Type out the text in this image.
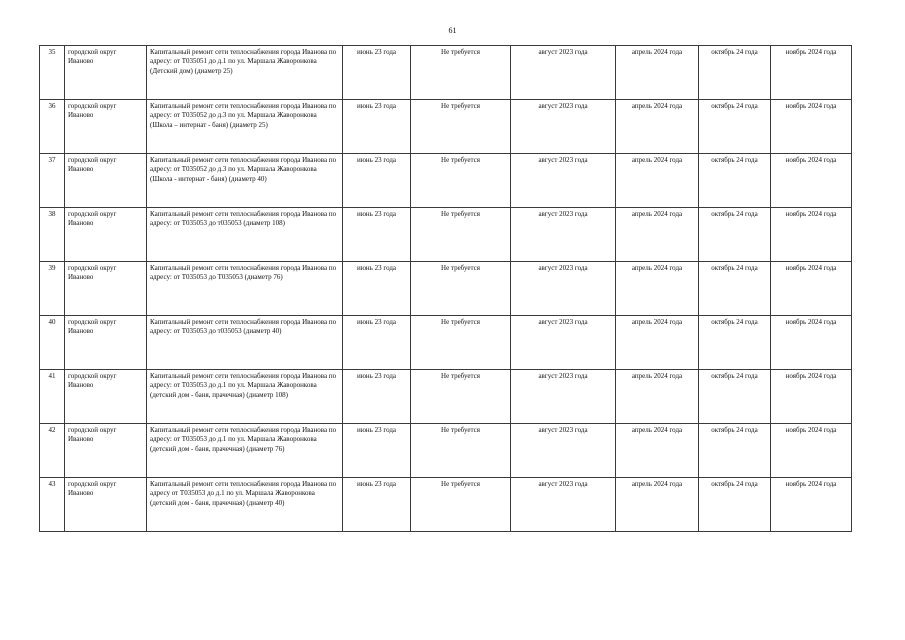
61
35	городской округ Иваново	Капитальный ремонт сети теплоснабжения города Иванова по адресу: от Т035051 до д.1 по ул. Маршала Жаворонкова (Детский дом) (диаметр 25)	июнь 23 года	Не требуется	август 2023 года	апрель 2024 года	октябрь 24 года	ноябрь 2024 года
36	городской округ Иваново	Капитальный ремонт сети теплоснабжения города Иванова по адресу: от Т035052 до д.3 по ул. Маршала Жаворонкова (Школа – интернат - баня) (диаметр 25)	июнь 23 года	Не требуется	август 2023 года	апрель 2024 года	октябрь 24 года	ноябрь 2024 года
37	городской округ Иваново	Капитальный ремонт сети теплоснабжения города Иванова по адресу: от Т035052 до д.3 по ул. Маршала Жаворонкова (Школа - интернат - баня) (диаметр 40)	июнь 23 года	Не требуется	август 2023 года	апрель 2024 года	октябрь 24 года	ноябрь 2024 года
38	городской округ Иваново	Капитальный ремонт сети теплоснабжения города Иванова по адресу: от Т035053 до т035053 (диаметр 108)	июнь 23 года	Не требуется	август 2023 года	апрель 2024 года	октябрь 24 года	ноябрь 2024 года
39	городской округ Иваново	Капитальный ремонт сети теплоснабжения города Иванова по адресу: от Т035053 до Т035053 (диаметр 76)	июнь 23 года	Не требуется	август 2023 года	апрель 2024 года	октябрь 24 года	ноябрь 2024 года
40	городской округ Иваново	Капитальный ремонт сети теплоснабжения города Иванова по адресу: от Т035053 до т035053 (диаметр 40)	июнь 23 года	Не требуется	август 2023 года	апрель 2024 года	октябрь 24 года	ноябрь 2024 года
41	городской округ Иваново	Капитальный ремонт сети теплоснабжения города Иванова по адресу: от Т035053 до д.1 по ул. Маршала Жаворонкова (детский дом - баня, прачечная) (диаметр 108)	июнь 23 года	Не требуется	август 2023 года	апрель 2024 года	октябрь 24 года	ноябрь 2024 года
42	городской округ Иваново	Капитальный ремонт сети теплоснабжения города Иванова по адресу: от Т035053 до д.1 по ул. Маршала Жаворонкова (детский дом - баня, прачечная) (диаметр 76)	июнь 23 года	Не требуется	август 2023 года	апрель 2024 года	октябрь 24 года	ноябрь 2024 года
43	городской округ Иваново	Капитальный ремонт сети теплоснабжения города Иванова по адресу от Т035053 до д.1 по ул. Маршала Жаворонкова (детский дом - баня, прачечная) (диаметр 40)	июнь 23 года	Не требуется	август 2023 года	апрель 2024 года	октябрь 24 года	ноябрь 2024 года
